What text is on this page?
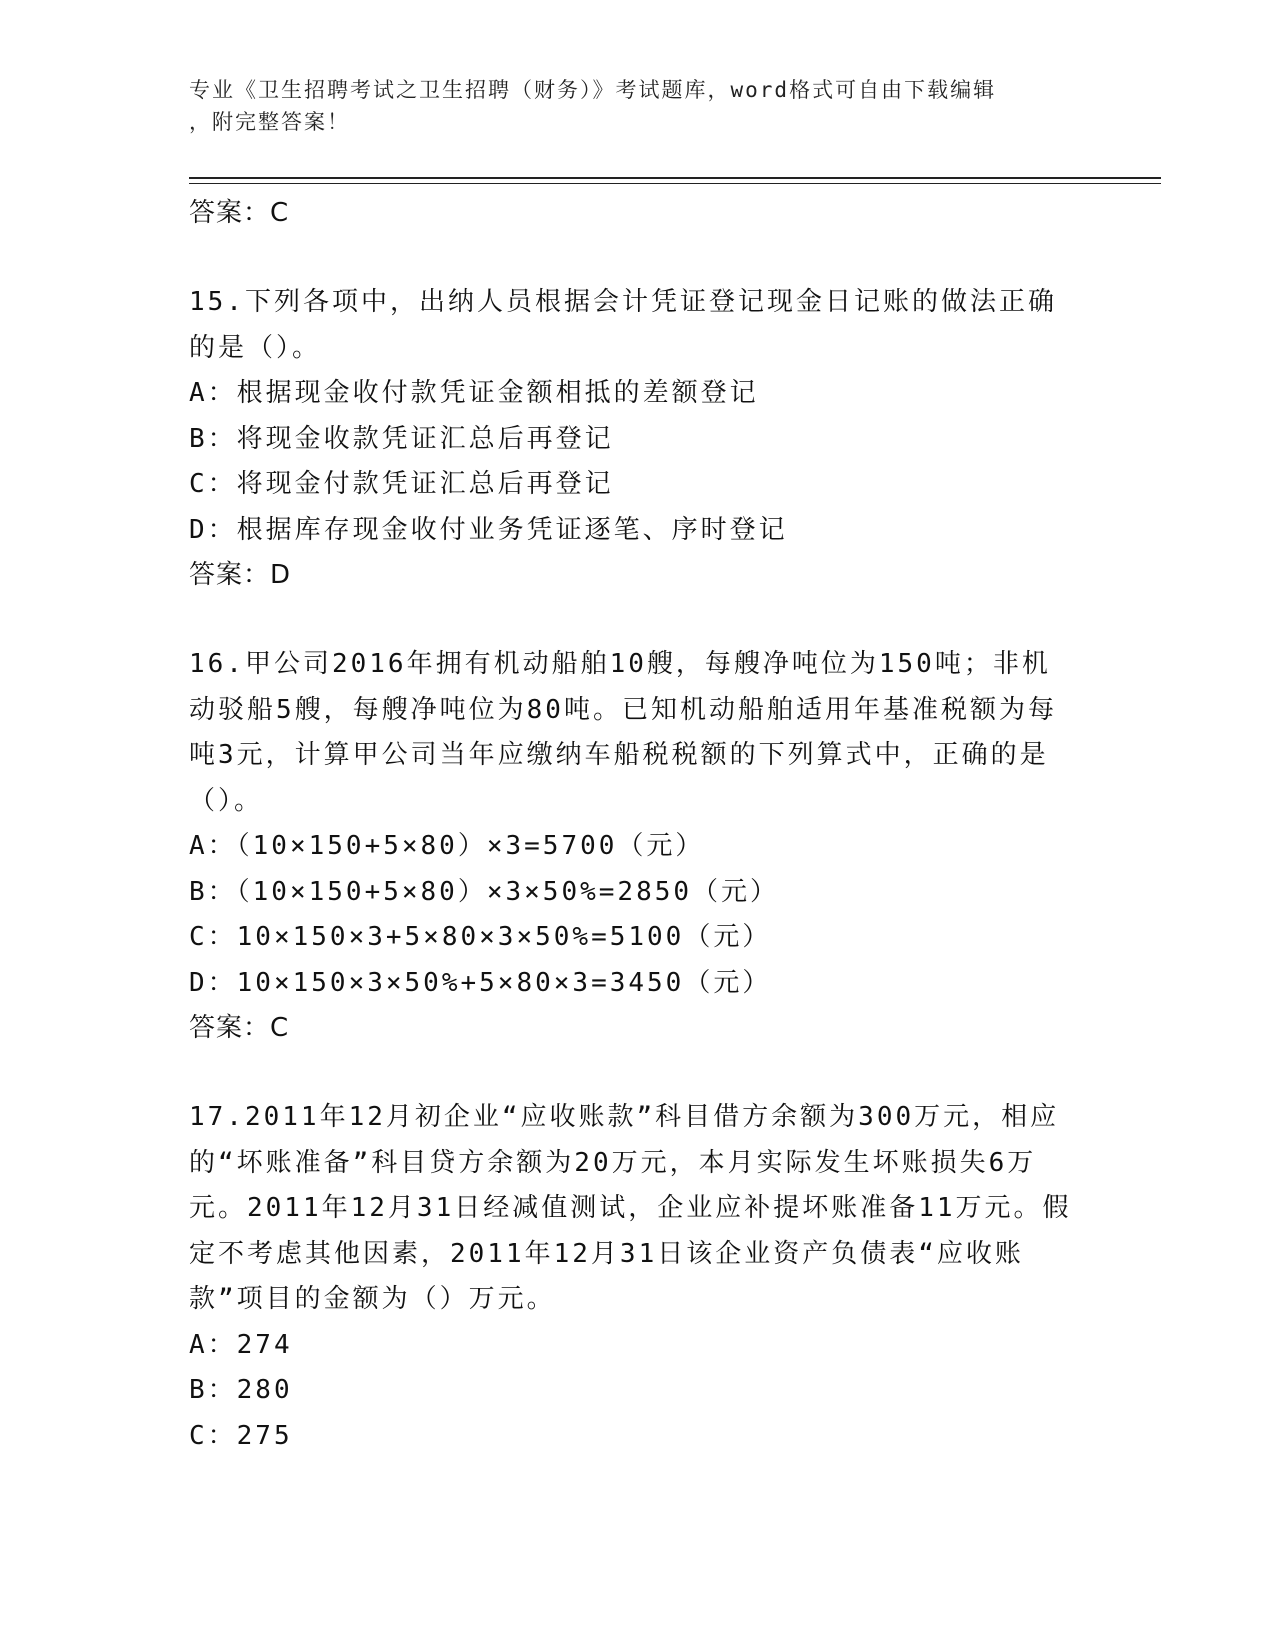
专业《卫生招聘考试之卫生招聘（财务）》考试题库，word格式可自由下载编辑
，附完整答案！
答案：C
15.下列各项中，出纳人员根据会计凭证登记现金日记账的做法正确的是（）。
A：根据现金收付款凭证金额相抵的差额登记
B：将现金收款凭证汇总后再登记
C：将现金付款凭证汇总后再登记
D：根据库存现金收付业务凭证逐笔、序时登记
答案：D
16.甲公司2016年拥有机动船舶10艘，每艘净吨位为150吨；非机动驳船5艘，每艘净吨位为80吨。已知机动船舶适用年基准税额为每吨3元，计算甲公司当年应缴纳车船税税额的下列算式中，正确的是（）。
A：（10×150+5×80）×3=5700（元）
B：（10×150+5×80）×3×50%=2850（元）
C：10×150×3+5×80×3×50%=5100（元）
D：10×150×3×50%+5×80×3=3450（元）
答案：C
17.2011年12月初企业“应收账款”科目借方余额为300万元，相应的“坏账准备”科目贷方余额为20万元，本月实际发生坏账损失6万元。2011年12月31日经减值测试，企业应补提坏账准备11万元。假定不考虑其他因素，2011年12月31日该企业资产负债表“应收账款”项目的金额为（）万元。
A：274
B：280
C：275
